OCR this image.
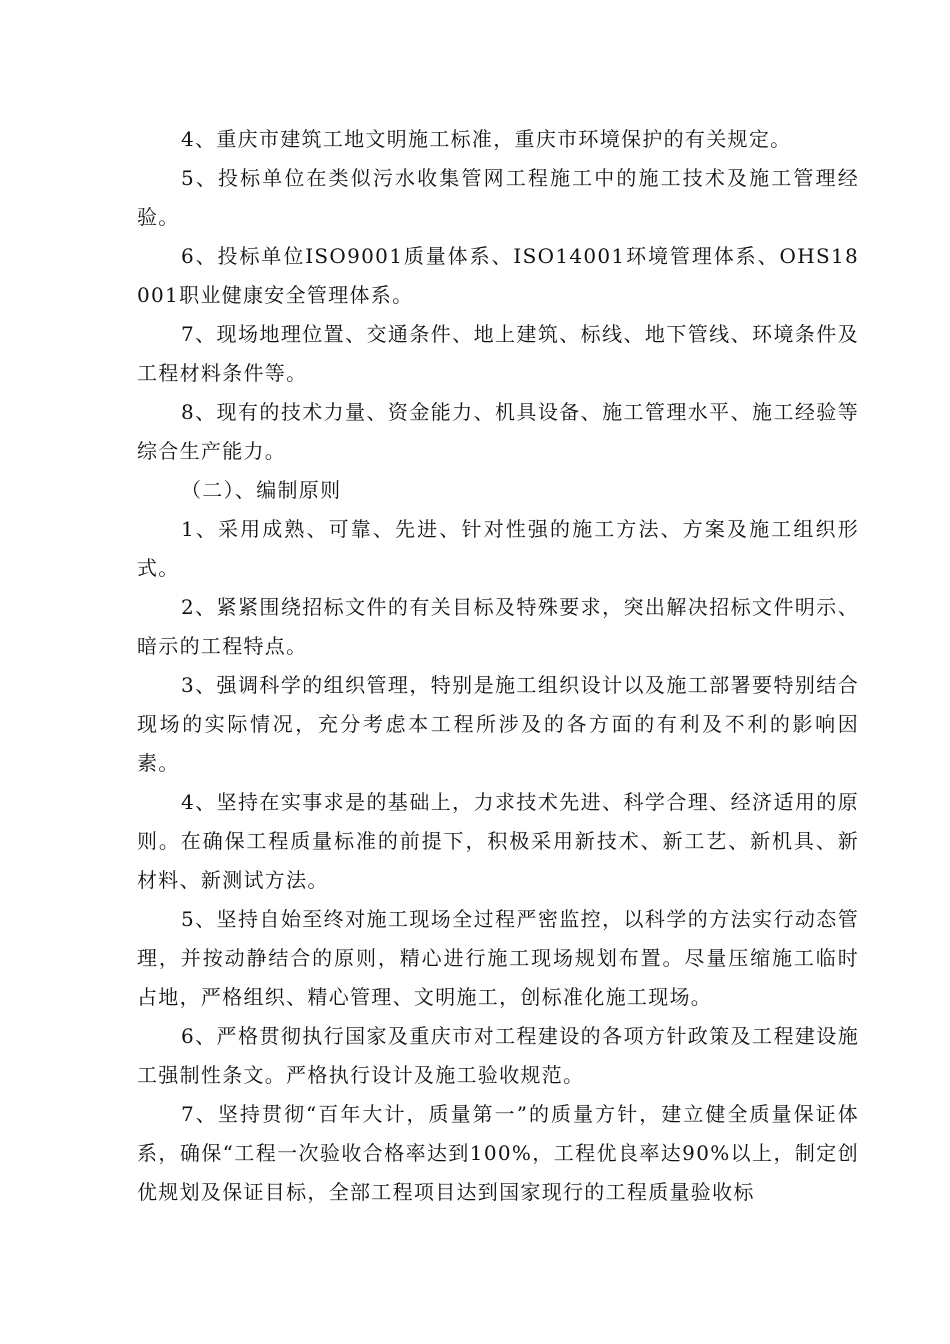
4、重庆市建筑工地文明施工标准，重庆市环境保护的有关规定。

5、投标单位在类似污水收集管网工程施工中的施工技术及施工管理经验。

6、投标单位ISO9001质量体系、ISO14001环境管理体系、OHS18001职业健康安全管理体系。

7、现场地理位置、交通条件、地上建筑、标线、地下管线、环境条件及工程材料条件等。

8、现有的技术力量、资金能力、机具设备、施工管理水平、施工经验等综合生产能力。

（二）、编制原则

1、采用成熟、可靠、先进、针对性强的施工方法、方案及施工组织形式。

2、紧紧围绕招标文件的有关目标及特殊要求，突出解决招标文件明示、暗示的工程特点。

3、强调科学的组织管理，特别是施工组织设计以及施工部署要特别结合现场的实际情况，充分考虑本工程所涉及的各方面的有利及不利的影响因素。

4、坚持在实事求是的基础上，力求技术先进、科学合理、经济适用的原则。在确保工程质量标准的前提下，积极采用新技术、新工艺、新机具、新材料、新测试方法。

5、坚持自始至终对施工现场全过程严密监控，以科学的方法实行动态管理，并按动静结合的原则，精心进行施工现场规划布置。尽量压缩施工临时占地，严格组织、精心管理、文明施工，创标准化施工现场。

6、严格贯彻执行国家及重庆市对工程建设的各项方针政策及工程建设施工强制性条文。严格执行设计及施工验收规范。

7、坚持贯彻“百年大计，质量第一”的质量方针，建立健全质量保证体系，确保“工程一次验收合格率达到100%，工程优良率达90%以上，制定创优规划及保证目标，全部工程项目达到国家现行的工程质量验收标
